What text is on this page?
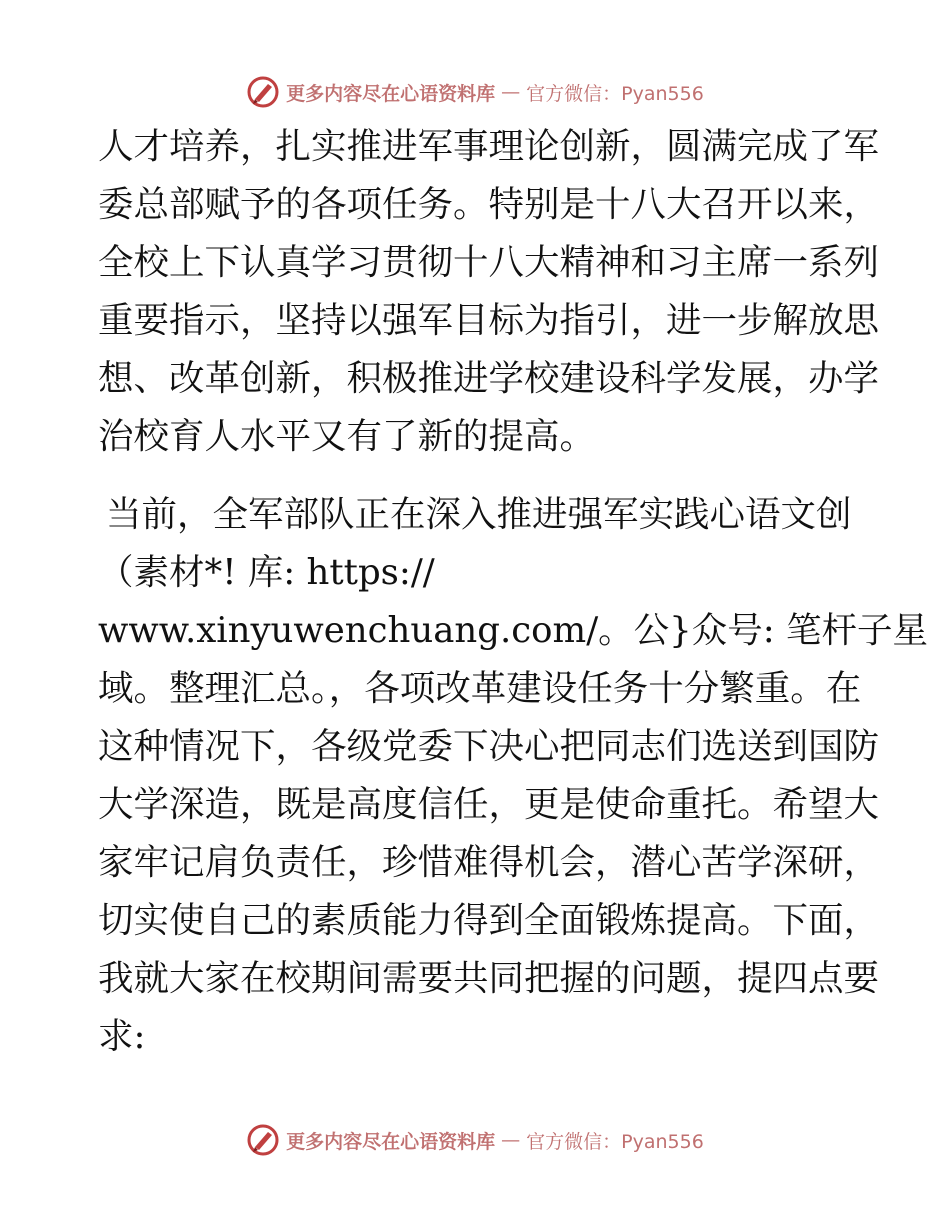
更多内容尽在心语资料库 — 官方微信：Pyan556
人才培养，扎实推进军事理论创新，圆满完成了军
委总部赋予的各项任务。特别是十八大召开以来，
全校上下认真学习贯彻十八大精神和习主席一系列
重要指示，坚持以强军目标为指引，进一步解放思
想、改革创新，积极推进学校建设科学发展，办学
治校育人水平又有了新的提高。
当前，全军部队正在深入推进强军实践心语文创
（素材*! 库: https://
www.xinyuwenchuang.com/。公}众号: 笔杆子星
域。整理汇总。，各项改革建设任务十分繁重。在
这种情况下，各级党委下决心把同志们选送到国防
大学深造，既是高度信任，更是使命重托。希望大
家牢记肩负责任，珍惜难得机会，潜心苦学深研，
切实使自己的素质能力得到全面锻炼提高。下面，
我就大家在校期间需要共同把握的问题，提四点要
求:
更多内容尽在心语资料库 — 官方微信：Pyan556
